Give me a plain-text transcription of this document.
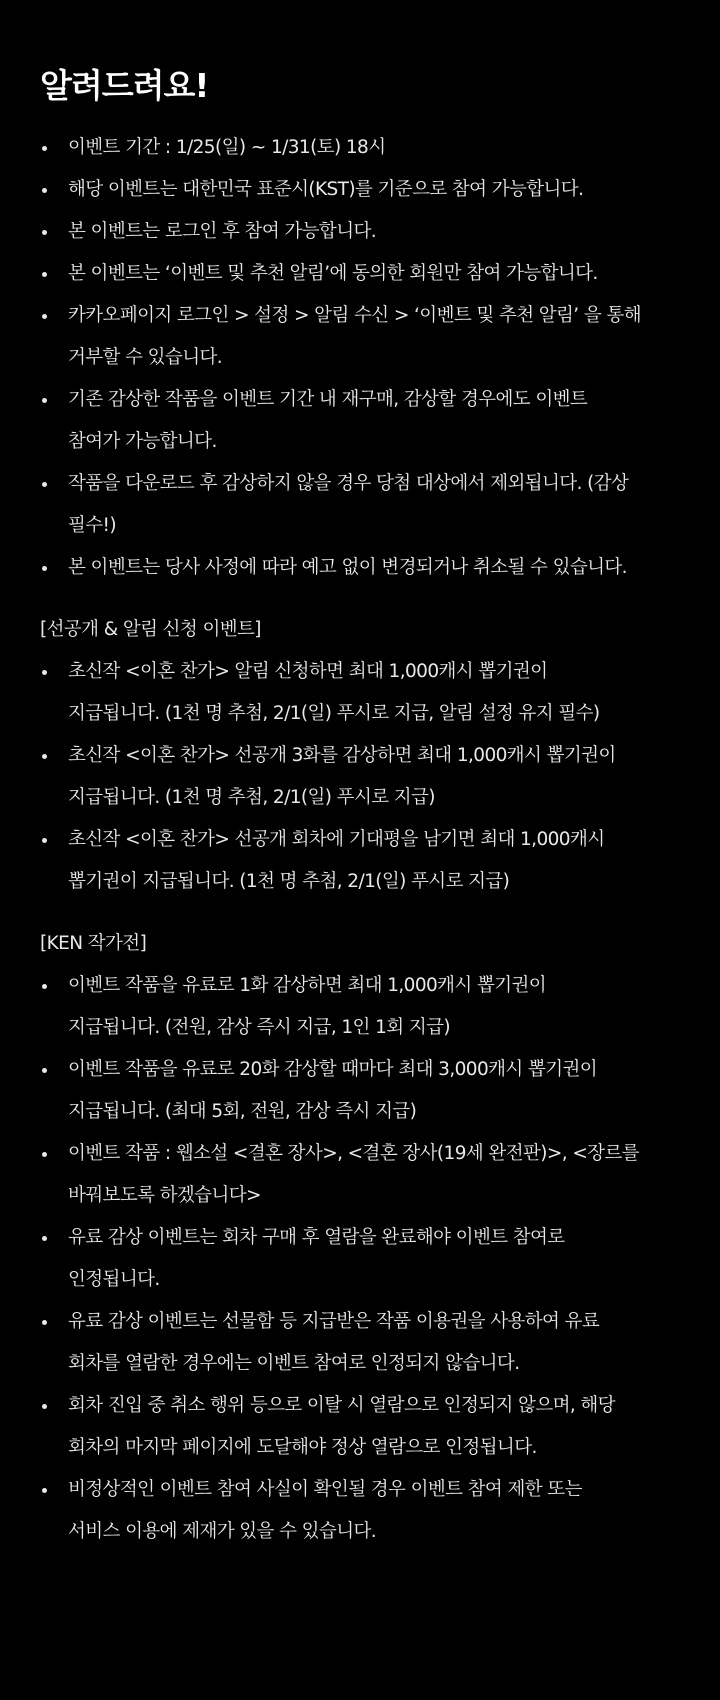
알려드려요!
이벤트 기간 : 1/25(일) ~ 1/31(토) 18시
해당 이벤트는 대한민국 표준시(KST)를 기준으로 참여 가능합니다.
본 이벤트는 로그인 후 참여 가능합니다.
본 이벤트는 ‘이벤트 및 추천 알림’에 동의한 회원만 참여 가능합니다.
카카오페이지 로그인 > 설정 > 알림 수신 > ‘이벤트 및 추천 알림’ 을 통해
거부할 수 있습니다.
기존 감상한 작품을 이벤트 기간 내 재구매, 감상할 경우에도 이벤트
참여가 가능합니다.
작품을 다운로드 후 감상하지 않을 경우 당첨 대상에서 제외됩니다. (감상
필수!)
본 이벤트는 당사 사정에 따라 예고 없이 변경되거나 취소될 수 있습니다.
[선공개 & 알림 신청 이벤트]
초신작 <이혼 찬가> 알림 신청하면 최대 1,000캐시 뽑기권이
지급됩니다. (1천 명 추첨, 2/1(일) 푸시로 지급, 알림 설정 유지 필수)
초신작 <이혼 찬가> 선공개 3화를 감상하면 최대 1,000캐시 뽑기권이
지급됩니다. (1천 명 추첨, 2/1(일) 푸시로 지급)
초신작 <이혼 찬가> 선공개 회차에 기대평을 남기면 최대 1,000캐시
뽑기권이 지급됩니다. (1천 명 추첨, 2/1(일) 푸시로 지급)
[KEN 작가전]
이벤트 작품을 유료로 1화 감상하면 최대 1,000캐시 뽑기권이
지급됩니다. (전원, 감상 즉시 지급, 1인 1회 지급)
이벤트 작품을 유료로 20화 감상할 때마다 최대 3,000캐시 뽑기권이
지급됩니다. (최대 5회, 전원, 감상 즉시 지급)
이벤트 작품 : 웹소설 <결혼 장사>, <결혼 장사(19세 완전판)>, <장르를
바꿔보도록 하겠습니다>
유료 감상 이벤트는 회차 구매 후 열람을 완료해야 이벤트 참여로
인정됩니다.
유료 감상 이벤트는 선물함 등 지급받은 작품 이용권을 사용하여 유료
회차를 열람한 경우에는 이벤트 참여로 인정되지 않습니다.
회차 진입 중 취소 행위 등으로 이탈 시 열람으로 인정되지 않으며, 해당
회차의 마지막 페이지에 도달해야 정상 열람으로 인정됩니다.
비정상적인 이벤트 참여 사실이 확인될 경우 이벤트 참여 제한 또는
서비스 이용에 제재가 있을 수 있습니다.
